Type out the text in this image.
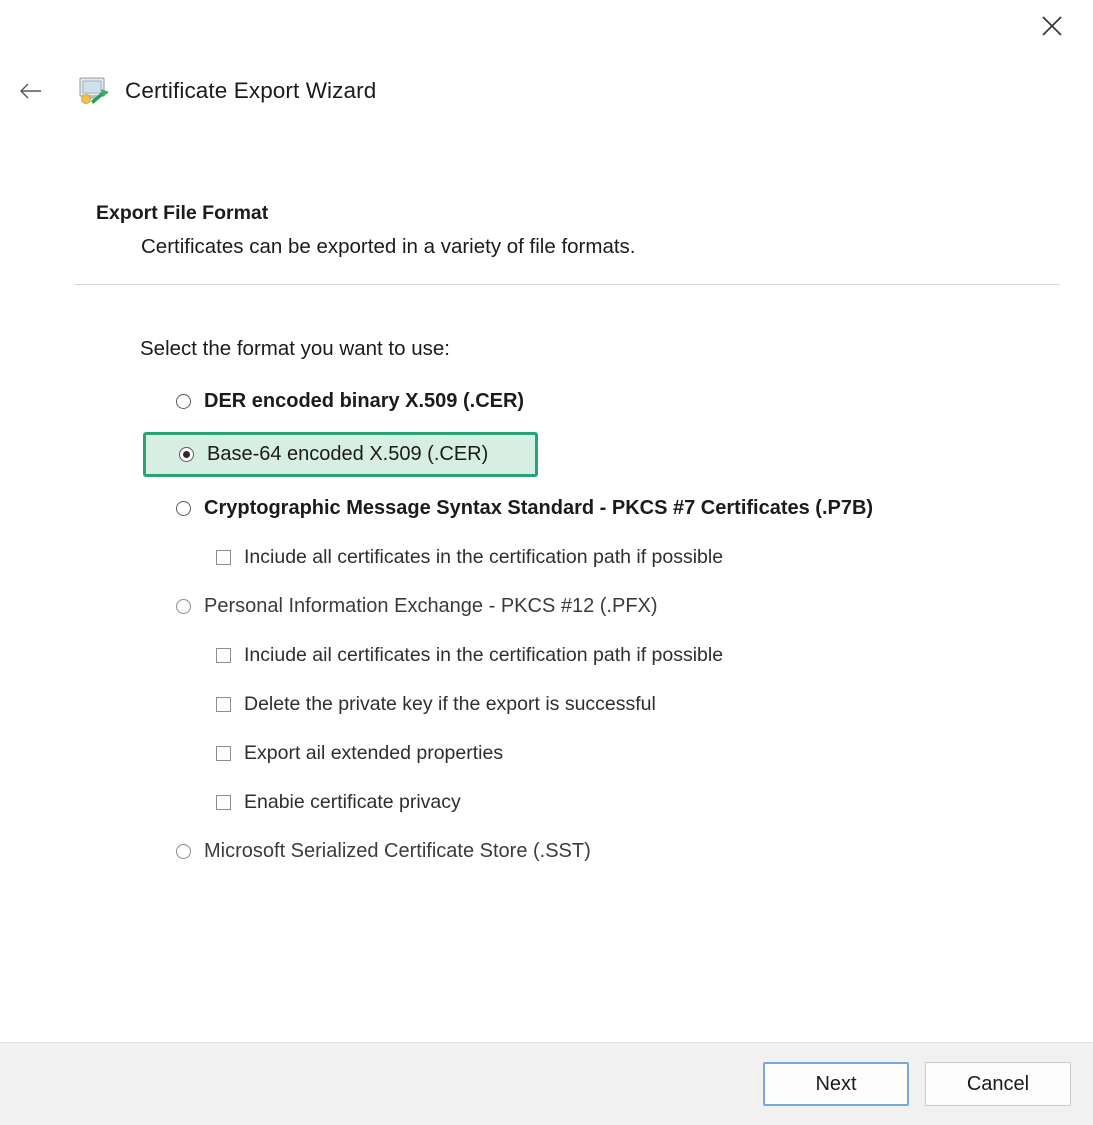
Certificate Export Wizard
Export File Format

Certificates can be exported in a variety of file formats.

Select the format you want to use:
DER encoded binary X.509 (.CER)
Base-64 encoded X.509 (.CER)
Cryptographic Message Syntax Standard - PKCS #7 Certificates (.P7B)
Inciude all certificates in the certification path if possible
Personal Information Exchange - PKCS #12 (.PFX)
Inciude ail certificates in the certification path if possible
Delete the private key if the export is successful
Export ail extended properties
Enabie certificate privacy
Microsoft Serialized Certificate Store (.SST)
Next	Cancel
